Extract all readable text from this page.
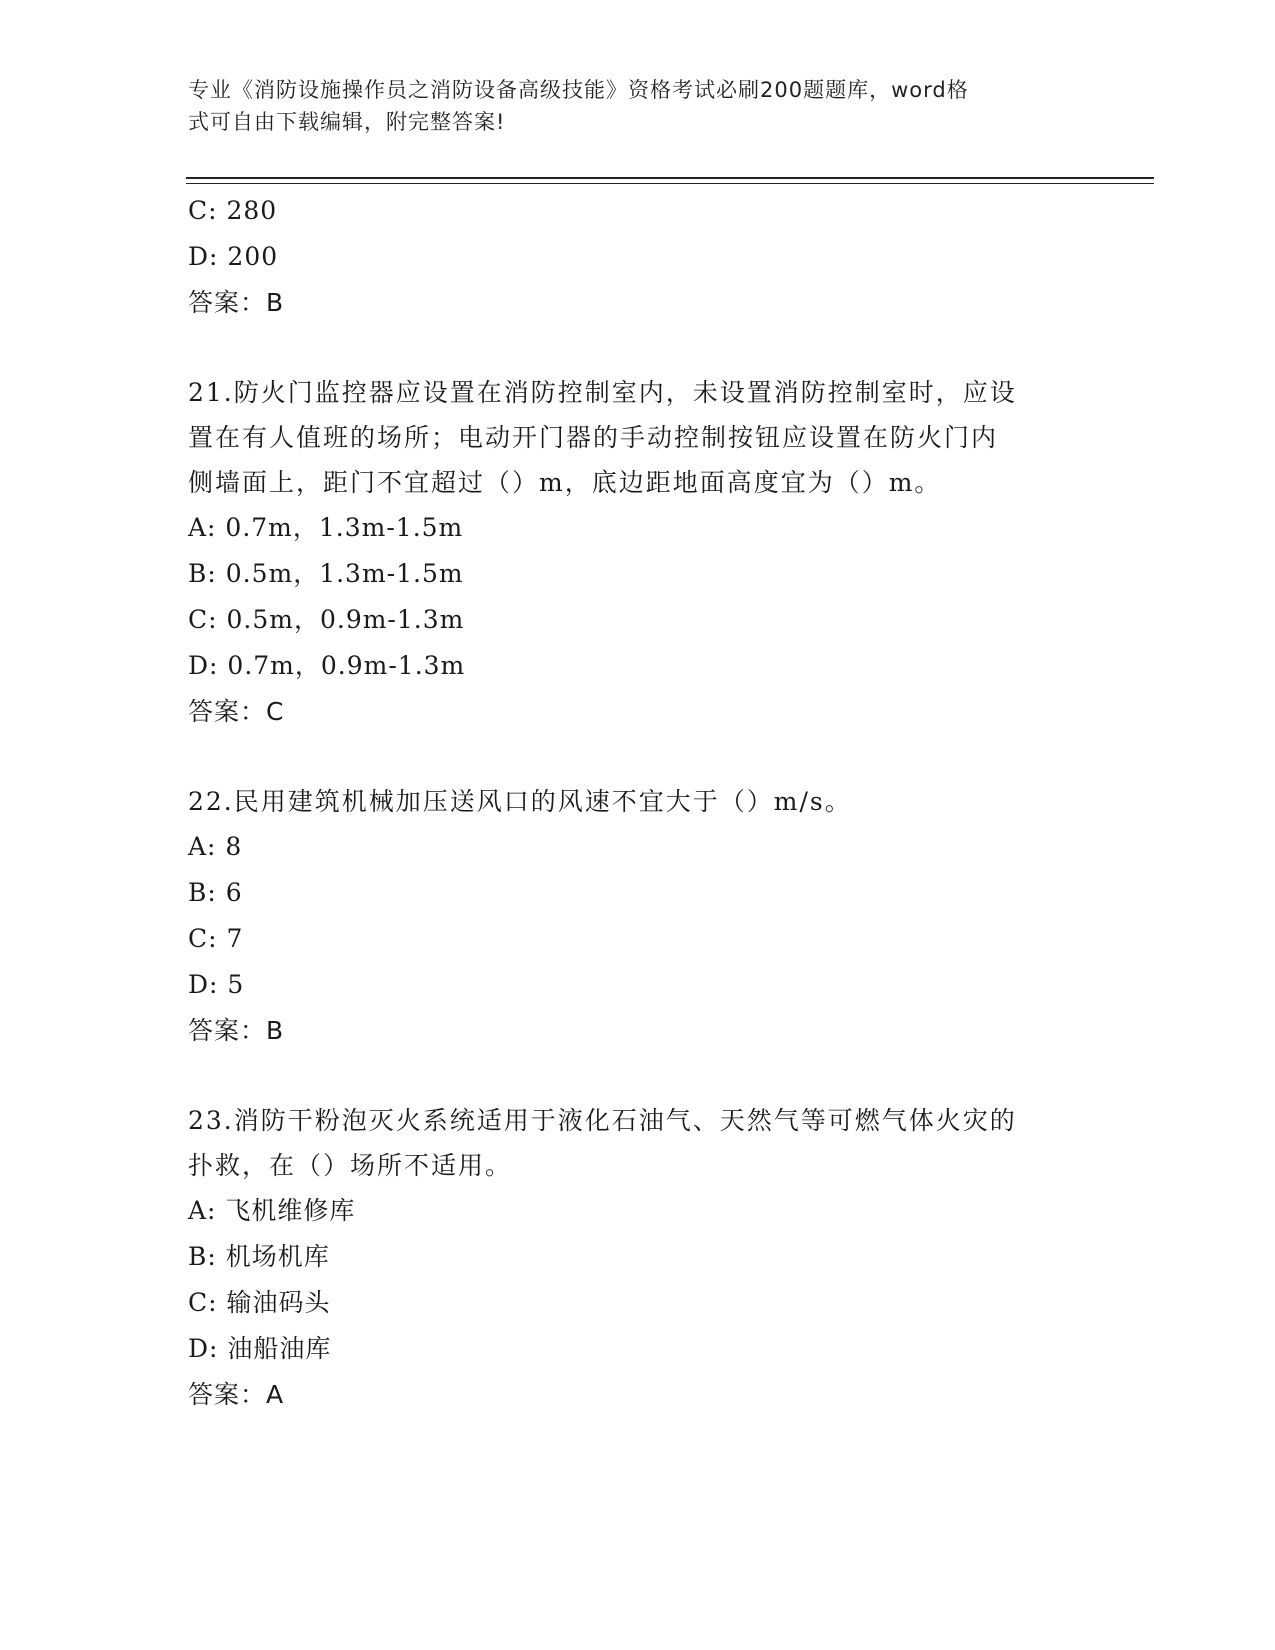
专业《消防设施操作员之消防设备高级技能》资格考试必刷200题题库，word格
式可自由下载编辑，附完整答案!
C: 280
D: 200
答案：B
21.防火门监控器应设置在消防控制室内，未设置消防控制室时，应设
置在有人值班的场所；电动开门器的手动控制按钮应设置在防火门内
侧墙面上，距门不宜超过（）m，底边距地面高度宜为（）m。
A: 0.7m，1.3m-1.5m
B: 0.5m，1.3m-1.5m
C: 0.5m，0.9m-1.3m
D: 0.7m，0.9m-1.3m
答案：C
22.民用建筑机械加压送风口的风速不宜大于（）m/s。
A: 8
B: 6
C: 7
D: 5
答案：B
23.消防干粉泡灭火系统适用于液化石油气、天然气等可燃气体火灾的
扑救，在（）场所不适用。
A: 飞机维修库
B: 机场机库
C: 输油码头
D: 油船油库
答案：A
